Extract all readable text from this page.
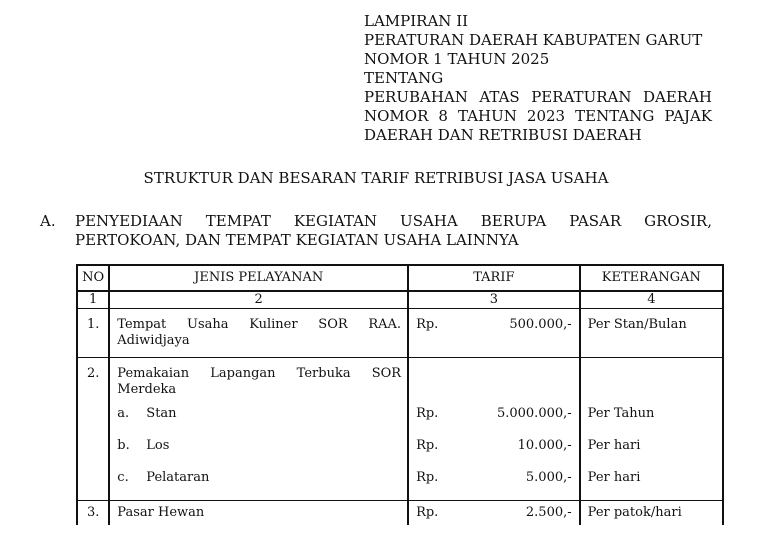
LAMPIRAN II
PERATURAN DAERAH KABUPATEN GARUT
NOMOR 1 TAHUN 2025
TENTANG
PERUBAHAN ATAS PERATURAN DAERAH
NOMOR 8 TAHUN 2023 TENTANG PAJAK
DAERAH DAN RETRIBUSI DAERAH
STRUKTUR DAN BESARAN TARIF RETRIBUSI JASA USAHA
A. PENYEDIAAN TEMPAT KEGIATAN USAHA BERUPA PASAR GROSIR,
PERTOKOAN, DAN TEMPAT KEGIATAN USAHA LAINNYA
NO	JENIS PELAYANAN	TARIF	KETERANGAN
1	2	3	4
1.	Tempat Usaha Kuliner SOR RAA.
Adiwidjaya	Rp. 500.000,-	Per Stan/Bulan
2.	Pemakaian Lapangan Terbuka SOR
Merdeka		
	a. Stan	Rp. 5.000.000,-	Per Tahun
	b. Los	Rp. 10.000,-	Per hari
	c. Pelataran	Rp. 5.000,-	Per hari
3.	Pasar Hewan	Rp. 2.500,-	Per patok/hari
